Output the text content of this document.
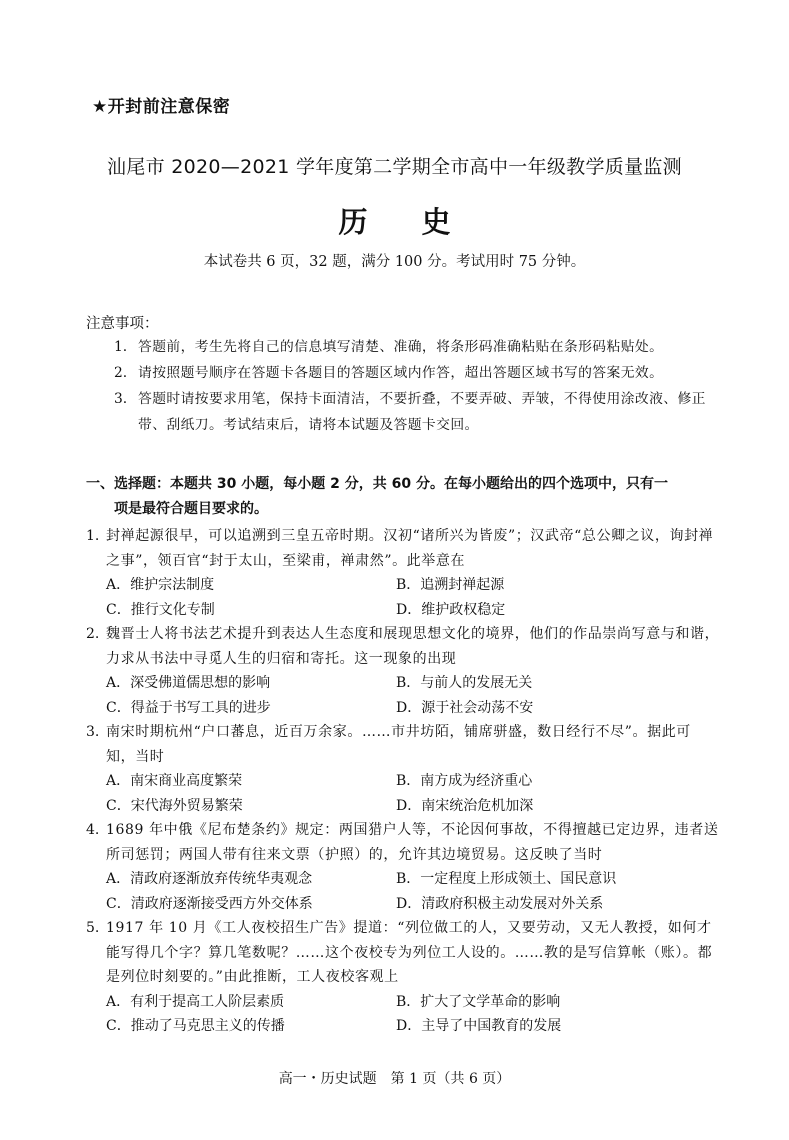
★开封前注意保密
汕尾市 2020—2021 学年度第二学期全市高中一年级教学质量监测
历 史
本试卷共 6 页，32 题，满分 100 分。考试用时 75 分钟。
注意事项：
1. 答题前，考生先将自己的信息填写清楚、准确，将条形码准确粘贴在条形码粘贴处。
2. 请按照题号顺序在答题卡各题目的答题区域内作答，超出答题区域书写的答案无效。
3. 答题时请按要求用笔，保持卡面清洁，不要折叠，不要弄破、弄皱，不得使用涂改液、修正带、刮纸刀。考试结束后，请将本试题及答题卡交回。
一、选择题：本题共 30 小题，每小题 2 分，共 60 分。在每小题给出的四个选项中，只有一
项是最符合题目要求的。
1. 封禅起源很早，可以追溯到三皇五帝时期。汉初“诸所兴为皆废”；汉武帝“总公卿之议，询封禅之事”，领百官“封于太山，至梁甫，禅肃然”。此举意在
A．维护宗法制度	B．追溯封禅起源
C．推行文化专制	D．维护政权稳定
2. 魏晋士人将书法艺术提升到表达人生态度和展现思想文化的境界，他们的作品崇尚写意与和谐，力求从书法中寻觅人生的归宿和寄托。这一现象的出现
A．深受佛道儒思想的影响	B．与前人的发展无关
C．得益于书写工具的进步	D．源于社会动荡不安
3. 南宋时期杭州“户口蕃息，近百万余家。……市井坊陌，铺席骈盛，数日经行不尽”。据此可知，当时
A．南宋商业高度繁荣	B．南方成为经济重心
C．宋代海外贸易繁荣	D．南宋统治危机加深
4. 1689 年中俄《尼布楚条约》规定：两国猎户人等，不论因何事故，不得擅越已定边界，违者送所司惩罚；两国人带有往来文票（护照）的，允许其边境贸易。这反映了当时
A．清政府逐渐放弃传统华夷观念	B．一定程度上形成领土、国民意识
C．清政府逐渐接受西方外交体系	D．清政府积极主动发展对外关系
5. 1917 年 10 月《工人夜校招生广告》提道：“列位做工的人，又要劳动，又无人教授，如何才能写得几个字？算几笔数呢？……这个夜校专为列位工人设的。……教的是写信算帐（账）。都是列位时刻要的。”由此推断，工人夜校客观上
A．有利于提高工人阶层素质	B．扩大了文学革命的影响
C．推动了马克思主义的传播	D．主导了中国教育的发展
高一・历史试题　第 1 页（共 6 页）
